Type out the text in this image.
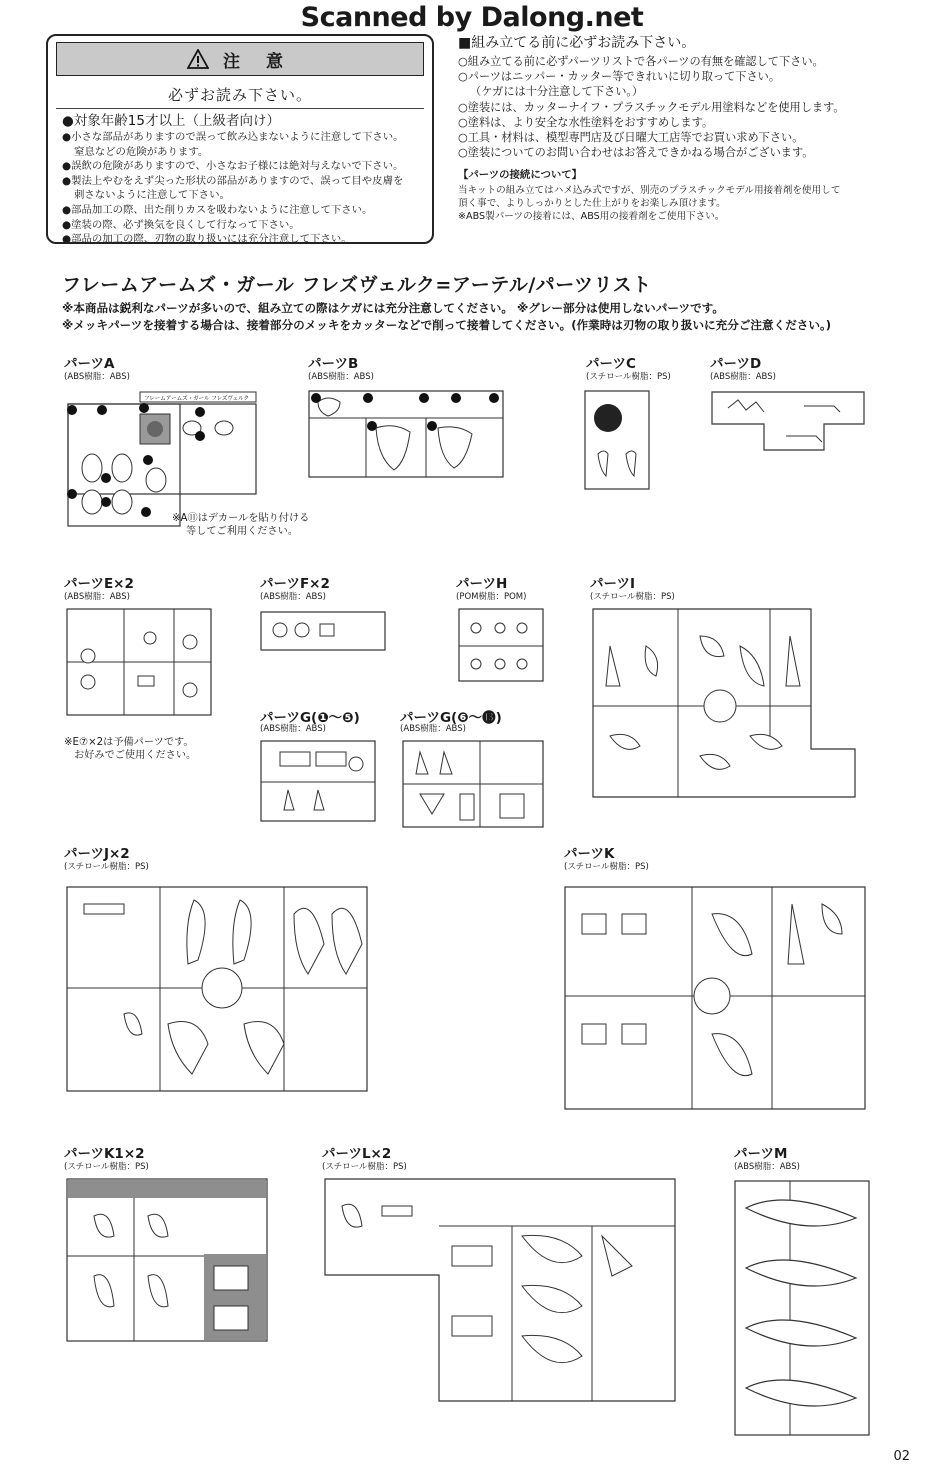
Scanned by Dalong.net
注 意
必ずお読み下さい。
●対象年齢15才以上（上級者向け）
●小さな部品がありますので誤って飲み込まないように注意して下さい。
窒息などの危険があります。
●誤飲の危険がありますので、小さなお子様には絶対与えないで下さい。
●製法上やむをえず尖った形状の部品がありますので、誤って目や皮膚を
刺さないように注意して下さい。
●部品加工の際、出た削りカスを吸わないように注意して下さい。
●塗装の際、必ず換気を良くして行なって下さい。
●部品の加工の際、刃物の取り扱いには充分注意して下さい。
■組み立てる前に必ずお読み下さい。
○組み立てる前に必ずパーツリストで各パーツの有無を確認して下さい。
○パーツはニッパー・カッター等できれいに切り取って下さい。
（ケガには十分注意して下さい。）
○塗装には、カッターナイフ・プラスチックモデル用塗料などを使用します。
○塗料は、より安全な水性塗料をおすすめします。
○工具・材料は、模型専門店及び日曜大工店等でお買い求め下さい。
○塗装についてのお問い合わせはお答えできかねる場合がございます。
【パーツの接続について】
当キットの組み立てはハメ込み式ですが、別売のプラスチックモデル用接着剤を使用して
頂く事で、よりしっかりとした仕上がりをお楽しみ頂けます。
※ABS製パーツの接着には、ABS用の接着剤をご使用下さい。
フレームアームズ・ガール フレズヴェルク=アーテル/パーツリスト
※本商品は鋭利なパーツが多いので、組み立ての際はケガには充分注意してください。 ※グレー部分は使用しないパーツです。
※メッキパーツを接着する場合は、接着部分のメッキをカッターなどで削って接着してください。(作業時は刃物の取り扱いに充分ご注意ください。)
パーツA
(ABS樹脂：ABS)
フレームアームズ・ガール フレズヴェルク
※A⑪はデカールを貼り付ける
等してご利用ください。
パーツB
(ABS樹脂：ABS)
パーツC
(スチロール樹脂：PS)
パーツD
(ABS樹脂：ABS)
パーツE×2
(ABS樹脂：ABS)
※E⑦×2は予備パーツです。
お好みでご使用ください。
パーツF×2
(ABS樹脂：ABS)
パーツH
(POM樹脂：POM)
パーツI
(スチロール樹脂：PS)
パーツG(❶〜❺)
(ABS樹脂：ABS)
パーツG(❻〜⓭)
(ABS樹脂：ABS)
パーツJ×2
(スチロール樹脂：PS)
パーツK
(スチロール樹脂：PS)
パーツK1×2
(スチロール樹脂：PS)
パーツL×2
(スチロール樹脂：PS)
パーツM
(ABS樹脂：ABS)
02
